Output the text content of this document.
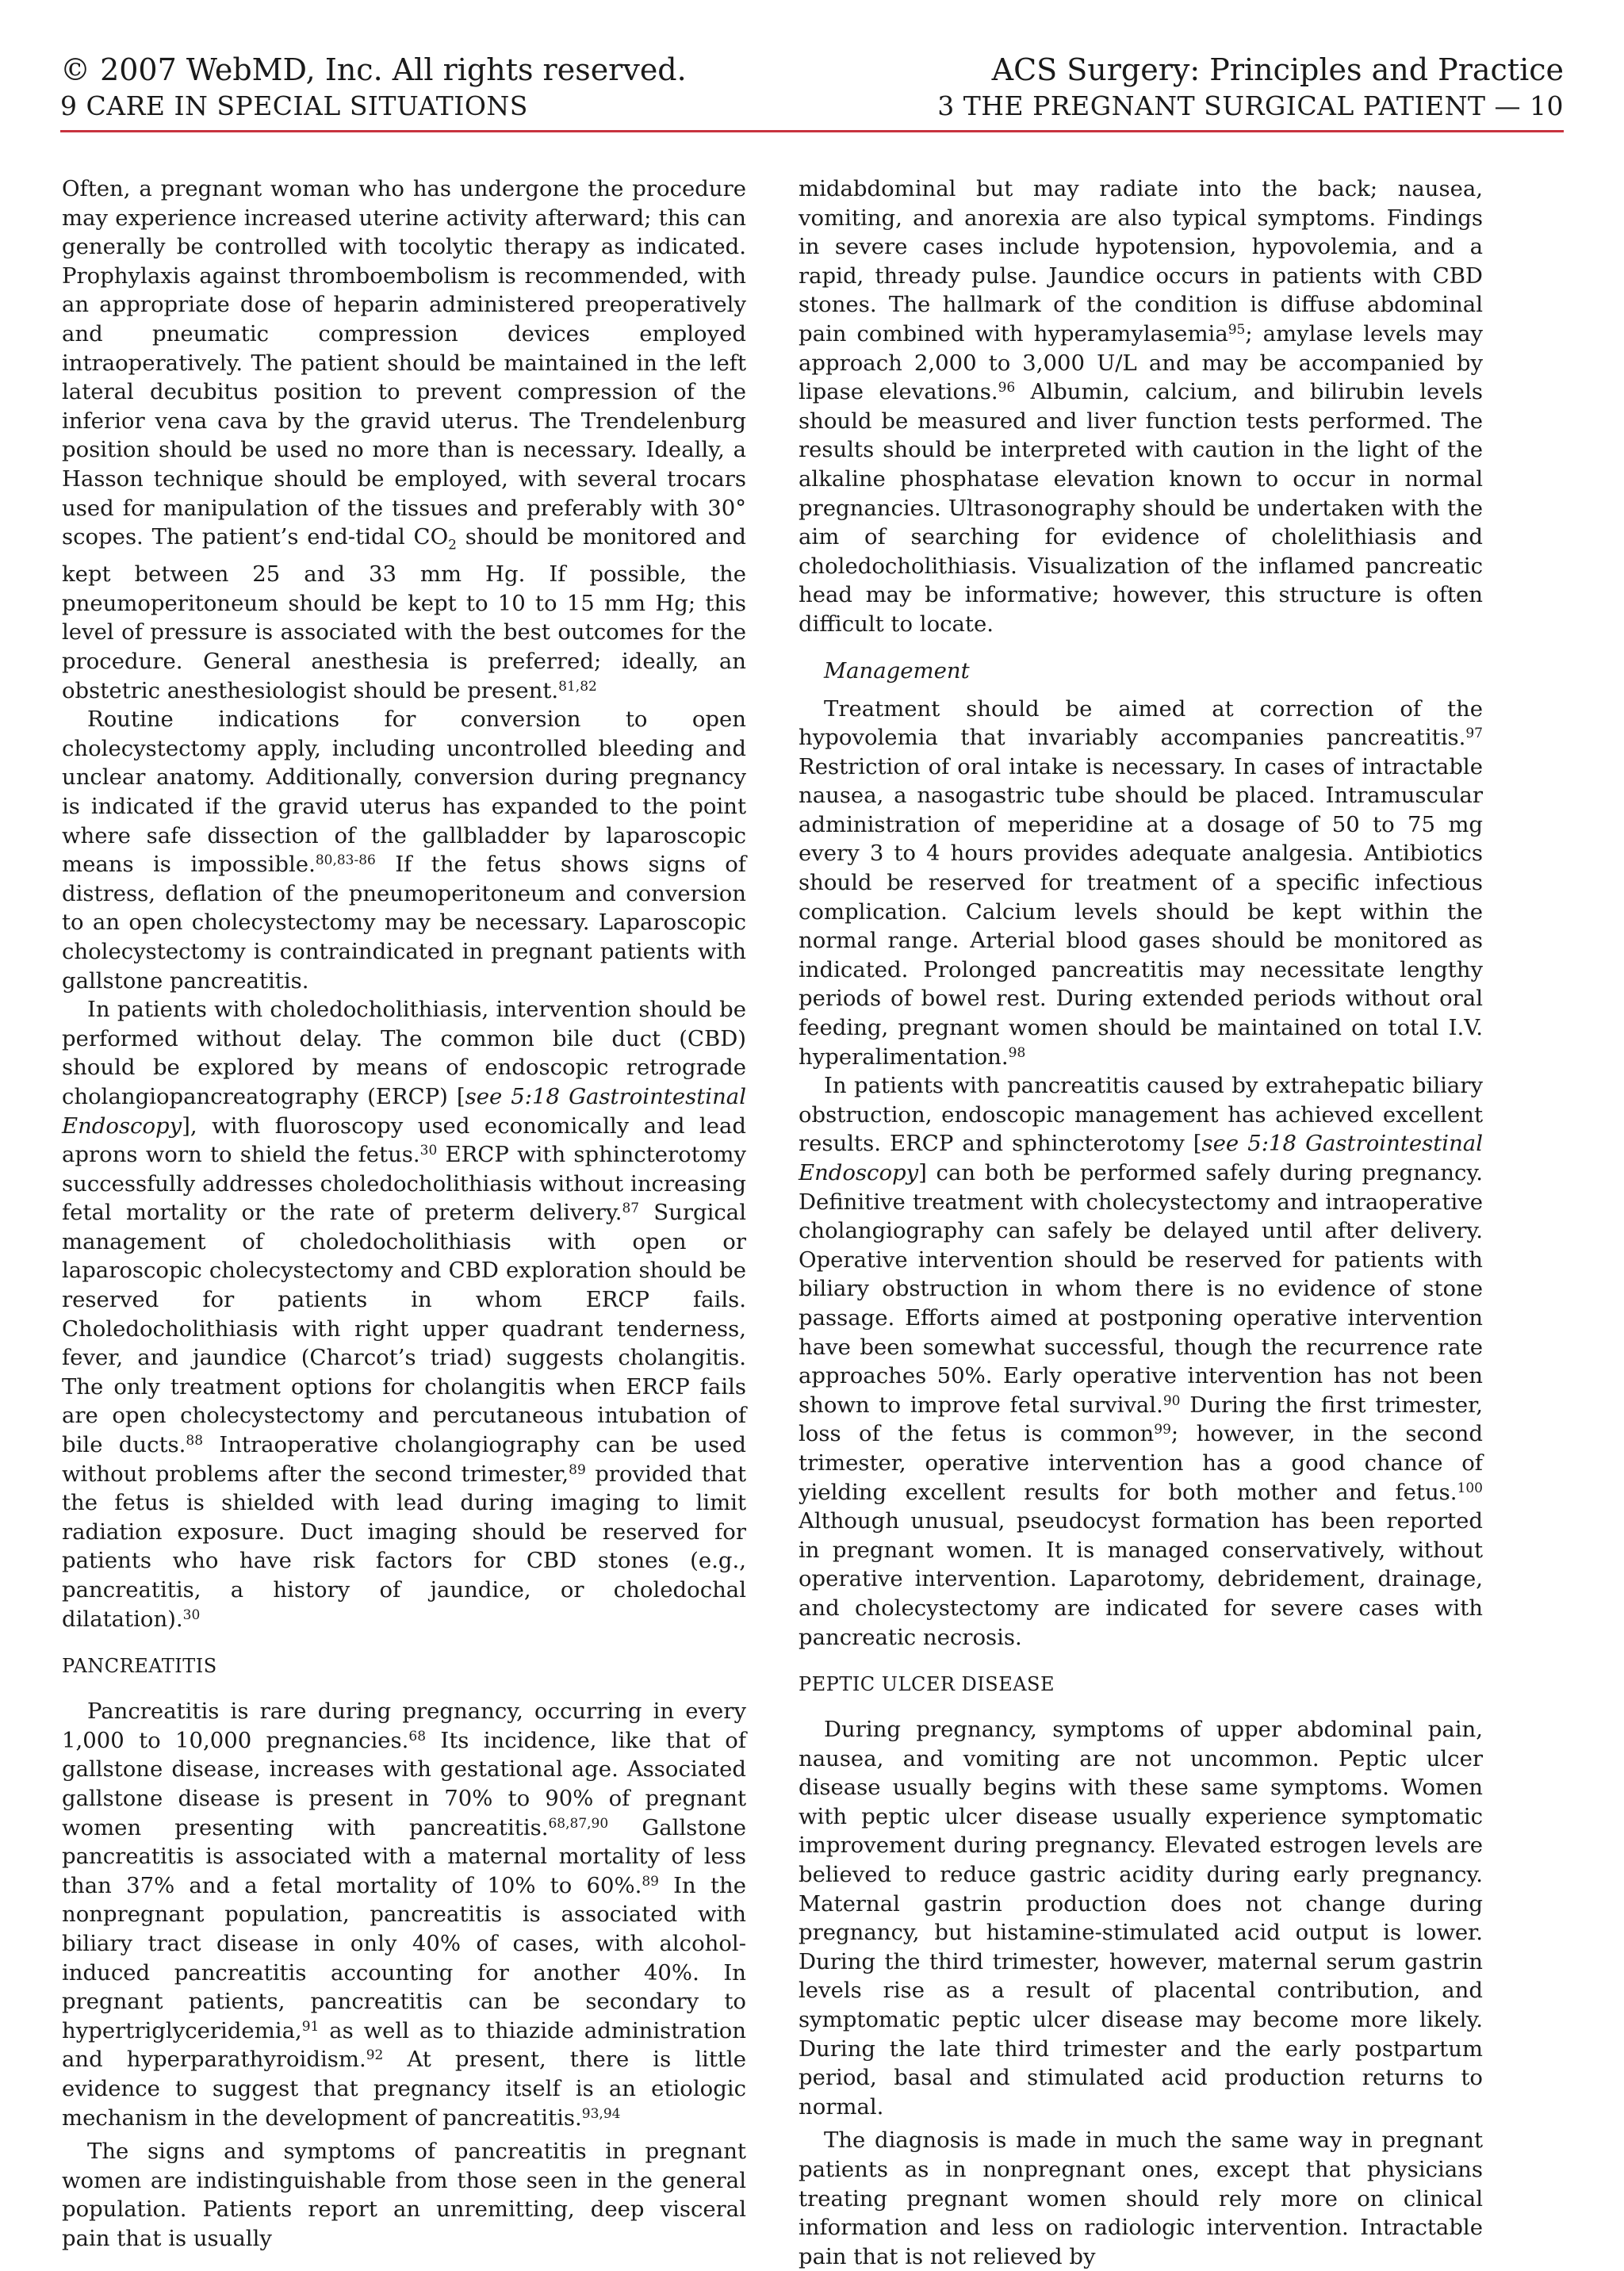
© 2007 WebMD, Inc. All rights reserved.
9 CARE IN SPECIAL SITUATIONS
ACS Surgery: Principles and Practice
3 THE PREGNANT SURGICAL PATIENT — 10

Often, a pregnant woman who has undergone the procedure may experience increased uterine activity afterward; this can generally be controlled with tocolytic therapy as indicated. Prophylaxis against thromboembolism is recommended, with an appropriate dose of heparin administered preoperatively and pneumatic compression devices employed intraoperatively. The patient should be maintained in the left lateral decubitus position to prevent compression of the inferior vena cava by the gravid uterus. The Trendelenburg position should be used no more than is necessary. Ideally, a Hasson technique should be employed, with several trocars used for manipulation of the tissues and preferably with 30° scopes. The patient’s end-tidal $CO_2$ should be monitored and kept between 25 and 33 mm Hg. If possible, the pneumoperitoneum should be kept to 10 to 15 mm Hg; this level of pressure is associated with the best outcomes for the procedure. General anesthesia is preferred; ideally, an obstetric anesthesiologist should be present.$^{81,82}$

Routine indications for conversion to open cholecystectomy apply, including uncontrolled bleeding and unclear anatomy. Additionally, conversion during pregnancy is indicated if the gravid uterus has expanded to the point where safe dissection of the gallbladder by laparoscopic means is impossible.$^{80,83-86}$ If the fetus shows signs of distress, deflation of the pneumoperitoneum and conversion to an open cholecystectomy may be necessary. Laparoscopic cholecystectomy is contraindicated in pregnant patients with gallstone pancreatitis.

In patients with choledocholithiasis, intervention should be performed without delay. The common bile duct (CBD) should be explored by means of endoscopic retrograde cholangiopancreatography (ERCP) [see 5:18 Gastrointestinal Endoscopy], with fluoroscopy used economically and lead aprons worn to shield the fetus.$^{30}$ ERCP with sphincterotomy successfully addresses choledocholithiasis without increasing fetal mortality or the rate of preterm delivery.$^{87}$ Surgical management of choledocholithiasis with open or laparoscopic cholecystectomy and CBD exploration should be reserved for patients in whom ERCP fails. Choledocholithiasis with right upper quadrant tenderness, fever, and jaundice (Charcot’s triad) suggests cholangitis. The only treatment options for cholangitis when ERCP fails are open cholecystectomy and percutaneous intubation of bile ducts.$^{88}$ Intraoperative cholangiography can be used without problems after the second trimester,$^{89}$ provided that the fetus is shielded with lead during imaging to limit radiation exposure. Duct imaging should be reserved for patients who have risk factors for CBD stones (e.g., pancreatitis, a history of jaundice, or choledochal dilatation).$^{30}$

PANCREATITIS

Pancreatitis is rare during pregnancy, occurring in every 1,000 to 10,000 pregnancies.$^{68}$ Its incidence, like that of gallstone disease, increases with gestational age. Associated gallstone disease is present in 70% to 90% of pregnant women presenting with pancreatitis.$^{68,87,90}$ Gallstone pancreatitis is associated with a maternal mortality of less than 37% and a fetal mortality of 10% to 60%.$^{89}$ In the nonpregnant population, pancreatitis is associated with biliary tract disease in only 40% of cases, with alcohol-induced pancreatitis accounting for another 40%. In pregnant patients, pancreatitis can be secondary to hypertriglyceridemia,$^{91}$ as well as to thiazide administration and hyperparathyroidism.$^{92}$ At present, there is little evidence to suggest that pregnancy itself is an etiologic mechanism in the development of pancreatitis.$^{93,94}$

The signs and symptoms of pancreatitis in pregnant women are indistinguishable from those seen in the general population. Patients report an unremitting, deep visceral pain that is usually

midabdominal but may radiate into the back; nausea, vomiting, and anorexia are also typical symptoms. Findings in severe cases include hypotension, hypovolemia, and a rapid, thready pulse. Jaundice occurs in patients with CBD stones. The hallmark of the condition is diffuse abdominal pain combined with hyperamylasemia$^{95}$; amylase levels may approach 2,000 to 3,000 U/L and may be accompanied by lipase elevations.$^{96}$ Albumin, calcium, and bilirubin levels should be measured and liver function tests performed. The results should be interpreted with caution in the light of the alkaline phosphatase elevation known to occur in normal pregnancies. Ultrasonography should be undertaken with the aim of searching for evidence of cholelithiasis and choledocholithiasis. Visualization of the inflamed pancreatic head may be informative; however, this structure is often difficult to locate.

Management

Treatment should be aimed at correction of the hypovolemia that invariably accompanies pancreatitis.$^{97}$ Restriction of oral intake is necessary. In cases of intractable nausea, a nasogastric tube should be placed. Intramuscular administration of meperidine at a dosage of 50 to 75 mg every 3 to 4 hours provides adequate analgesia. Antibiotics should be reserved for treatment of a specific infectious complication. Calcium levels should be kept within the normal range. Arterial blood gases should be monitored as indicated. Prolonged pancreatitis may necessitate lengthy periods of bowel rest. During extended periods without oral feeding, pregnant women should be maintained on total I.V. hyperalimentation.$^{98}$

In patients with pancreatitis caused by extrahepatic biliary obstruction, endoscopic management has achieved excellent results. ERCP and sphincterotomy [see 5:18 Gastrointestinal Endoscopy] can both be performed safely during pregnancy. Definitive treatment with cholecystectomy and intraoperative cholangiography can safely be delayed until after delivery. Operative intervention should be reserved for patients with biliary obstruction in whom there is no evidence of stone passage. Efforts aimed at postponing operative intervention have been somewhat successful, though the recurrence rate approaches 50%. Early operative intervention has not been shown to improve fetal survival.$^{90}$ During the first trimester, loss of the fetus is common$^{99}$; however, in the second trimester, operative intervention has a good chance of yielding excellent results for both mother and fetus.$^{100}$ Although unusual, pseudocyst formation has been reported in pregnant women. It is managed conservatively, without operative intervention. Laparotomy, debridement, drainage, and cholecystectomy are indicated for severe cases with pancreatic necrosis.

PEPTIC ULCER DISEASE

During pregnancy, symptoms of upper abdominal pain, nausea, and vomiting are not uncommon. Peptic ulcer disease usually begins with these same symptoms. Women with peptic ulcer disease usually experience symptomatic improvement during pregnancy. Elevated estrogen levels are believed to reduce gastric acidity during early pregnancy. Maternal gastrin production does not change during pregnancy, but histamine-stimulated acid output is lower. During the third trimester, however, maternal serum gastrin levels rise as a result of placental contribution, and symptomatic peptic ulcer disease may become more likely. During the late third trimester and the early postpartum period, basal and stimulated acid production returns to normal.

The diagnosis is made in much the same way in pregnant patients as in nonpregnant ones, except that physicians treating pregnant women should rely more on clinical information and less on radiologic intervention. Intractable pain that is not relieved by
